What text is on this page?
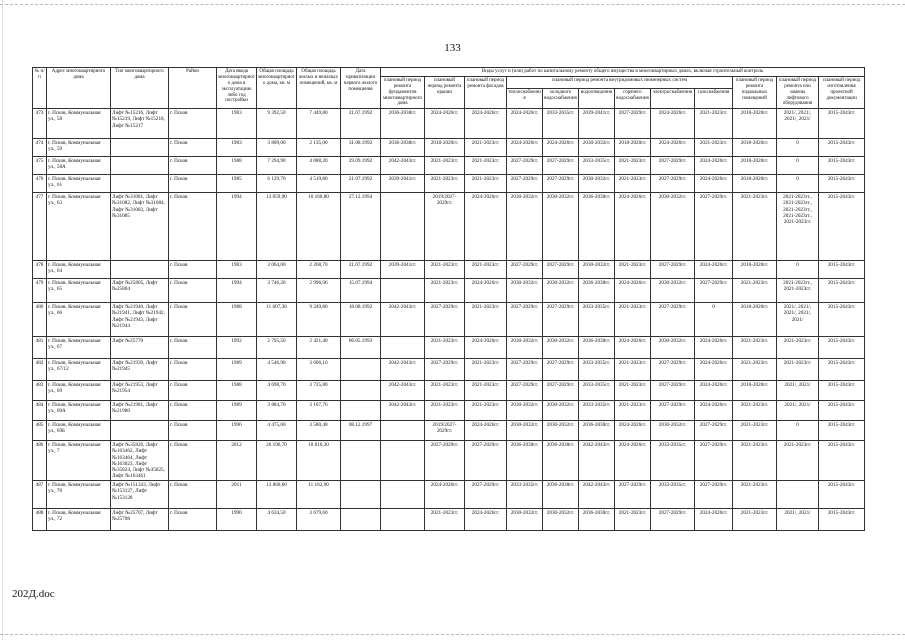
133
№ п/п	Адрес многоквартирного дома	Тип многоквартирного дома	Район	Дата ввода многоквартирного дома в эксплуатацию либо год постройки	Общая площадь многоквартирного дома, кв. м	Общая площадь жилых и нежилых помещений, кв. м	Дата приватизации первого жилого помещения	Виды услуг и (или) работ по капитальному ремонту общего имущества в многоквартирных домах, включая строительный контроль											
								плановый период ремонта фундаментов многоквартирного дома	плановый период ремонта крыши	плановый период ремонта фасадов	плановый период ремонта внутридомовых инженерных систем						плановый период ремонта подвальных помещений	плановый период ремонта или замены лифтового оборудования	плановый период изготовления проектной документации
											теплоснабжения	холодного водоснабжения	водоотведения	горячего водоснабжения	электроснабжения	газоснабжения			
473	г. Псков, Коммунальная ул., 58	Лифт №15216, Лифт №15219, Лифт №15218, Лифт №15217	г. Псков	1983	9 392,50	7 449,80	21.07.1992	2036-2038гг.	2024-2026гг.	2024-2026гг.	2024-2026гг.	2033-2035гг.	2039-2041гг.	2027-2029гг.	2024-2026гг.	2021-2023гг.	2018-2020гг.	2021/, 2021/, 2021/, 2021/	2015-2043гг.
474	г. Псков, Коммунальная ул., 59		г. Псков	1983	3 809,00	2 135,00	31.08.1992	2036-2038гг.	2018-2020гг.	2021-2023гг.	2024-2026гг.	2024-2026гг.	2030-2032гг.	2018-2020гг.	2024-2026гг.	2021-2023гг.	2018-2020гг.	0	2015-2043гг.
475	г. Псков, Коммунальная ул., 58А		г. Псков	1988	7 294,90	4 088,20	29.09.1992	2042-2043гг.	2021-2023гг.	2021-2023гг.	2027-2029гг.	2027-2029гг.	2033-2035гг.	2021-2023гг.	2027-2029гг.	2024-2026гг.	2018-2020гг.	0	2015-2043гг.
476	г. Псков, Коммунальная ул., 61		г. Псков	1985	6 129,70	4 519,80	21.07.1992	2039-2041гг.	2021-2023гг.	2021-2023гг.	2027-2029гг.	2027-2029гг.	2030-2032гг.	2021-2023гг.	2027-2029гг.	2024-2026гг.	2018-2020гг.	0	2015-2043гг.
477	г. Псков, Коммунальная ул., 63	Лифт №31081, Лифт №31082, Лифт №31084, Лифт №31083, Лифт №31085	г. Псков	1994	13 059,90	10 160,80	27.12.1994		2019/2027-2029гг.	2024-2026гг.	2030-2032гг.	2030-2032гг.	2036-2038гг.	2024-2026гг.	2030-2032гг.	2027-2029гг.	2021-2023гг.	2021-2023гг., 2021-2023гг., 2021-2023гг., 2021-2023гг., 2021-2023гг.	2015-2043гг.
478	г. Псков, Коммунальная ул., 64		г. Псков	1983	3 064,00	2 268,70	21.07.1992	2039-2041гг.	2021-2023гг.	2021-2023гг.	2027-2029гг.	2027-2029гг.	2030-2032гг.	2021-2023гг.	2027-2029гг.	2024-2026гг.	2018-2020гг.	0	2015-2043гг.
479	г. Псков, Коммунальная ул., 65	Лифт №25805, Лифт №25804	г. Псков	1994	3 746,20	2 996,96	15.07.1994		2021-2023гг.	2024-2026гг.	2030-2032гг.	2030-2032гг.	2036-2038гг.	2024-2026гг.	2030-2032гг.	2027-2029гг.	2021-2023гг.	2021-2023гг., 2021-2023гг.	2015-2043гг.
480	г. Псков, Коммунальная ул., 66	Лифт №21940, Лифт №21941, Лифт №21942, Лифт №21943, Лифт №21944	г. Псков	1988	11 607,30	9 249,80	18.08.1992	2042-2043гг.	2027-2029гг.	2021-2023гг.	2027-2029гг.	2027-2029гг.	2033-2035гг.	2021-2023гг.	2027-2029гг.	0	2018-2020гг.	2021/, 2021/, 2021/, 2021/, 2021/	2015-2043гг.
481	г. Псков, Коммунальная ул., 67	Лифт №25770	г. Псков	1992	2 795,50	2 421,40	06.05.1993		2021-2023гг.	2024-2026гг.	2030-2032гг.	2030-2032гг.	2036-2038гг.	2024-2026гг.	2030-2032гг.	2024-2026гг.	2021-2023гг.	2021-2023гг.	2015-2043гг.
482	г. Псков, Коммунальная ул., 67/12	Лифт №21939, Лифт №21945	г. Псков	1989	4 546,90	3 606,10		2042-2043гг.	2027-2029гг.	2021-2023гг.	2027-2029гг.	2027-2029гг.	2033-2035гг.	2021-2023гг.	2027-2029гг.	2024-2026гг.	2021-2023гг.	2021-2023гг.	2015-2043гг.
483	г. Псков, Коммунальная ул., 69	Лифт №21953, Лифт №21954	г. Псков	1988	4 698,70	3 725,80		2042-2043гг.	2021-2023гг.	2021-2023гг.	2027-2029гг.	2027-2029гг.	2033-2035гг.	2021-2023гг.	2027-2029гг.	2024-2026гг.	2018-2020гг.	2021/, 2021/	2015-2043гг.
484	г. Псков, Коммунальная ул., 69А	Лифт №21981, Лифт №21980	г. Псков	1989	3 884,70	3 107,76		2042-2043гг.	2021-2023гг.	2021-2023гг.	2030-2032гг.	2030-2032гг.	2033-2035гг.	2021-2023гг.	2027-2029гг.	2024-2026гг.	2021-2023гг.	2021/, 2021/	2015-2043гг.
485	г. Псков, Коммунальная ул., 69Б		г. Псков	1996	4 475,60	3 580,48	08.12.1997		2019/2027-2029гг.	2024-2026гг.	2030-2032гг.	2030-2032гг.	2036-2038гг.	2024-2026гг.	2030-2032гг.	2027-2029гг.	2021-2023гг.	0	2015-2043гг.
486	г. Псков, Коммунальная ул., 7	Лифт №35826, Лифт №163462, Лифт №163464, Лифт №163023, Лифт №35824, Лифт №35825, Лифт №163461	г. Псков	2012	26 196,70	18 810,30			2027-2029гг.	2027-2029гг.	2036-2038гг.	2036-2038гг.	2042-2043гг.	2024-2026гг.	2033-2035гг.	2027-2029гг.	2021-2023гг.	2021-2023гг.	2015-2043гг.
487	г. Псков, Коммунальная ул., 70	Лифт №151343, Лифт №153127, Лифт №153128	г. Псков	2011	13 860,60	11 162,90			2024-2026гг.	2027-2029гг.	2033-2035гг.	2036-2038гг.	2042-2043гг.	2027-2029гг.	2033-2035гг.	2027-2029гг.	2021-2023гг.		2015-2043гг.
488	г. Псков, Коммунальная ул., 72	Лифт №25707, Лифт №25708	г. Псков	1990	4 634,50	3 679,60			2021-2023гг.	2024-2026гг.	2030-2032гг.	2030-2032гг.	2036-2038гг.	2021-2023гг.	2027-2029гг.	2024-2026гг.	2021-2023гг.	2021/, 2021/	2015-2043гг.
202Д.doc
